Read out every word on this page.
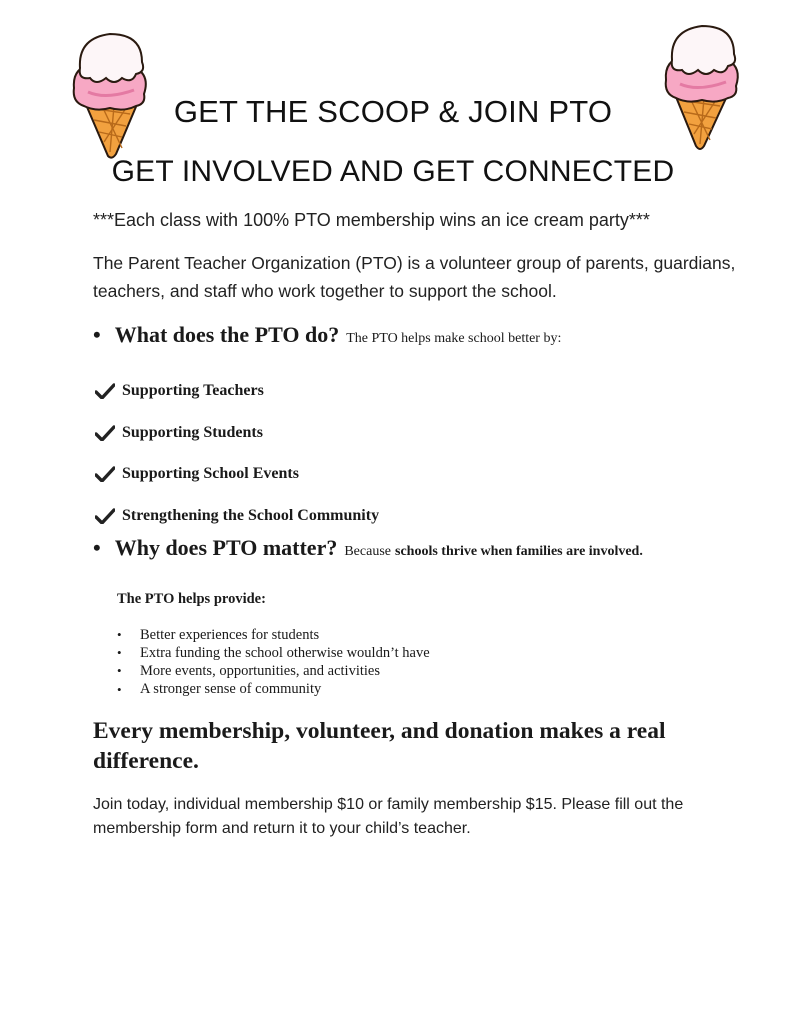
GET THE SCOOP & JOIN PTO
GET INVOLVED AND GET CONNECTED
***Each class with 100% PTO membership wins an ice cream party***
The Parent Teacher Organization (PTO) is a volunteer group of parents, guardians, teachers, and staff who work together to support the school.
• What does the PTO do? The PTO helps make school better by:
Supporting Teachers
Supporting Students
Supporting School Events
Strengthening the School Community
• Why does PTO matter? Because schools thrive when families are involved.
The PTO helps provide:
•	Better experiences for students
•	Extra funding the school otherwise wouldn’t have
•	More events, opportunities, and activities
•	A stronger sense of community
Every membership, volunteer, and donation makes a real difference.
Join today, individual membership $10 or family membership $15. Please fill out the membership form and return it to your child’s teacher.
